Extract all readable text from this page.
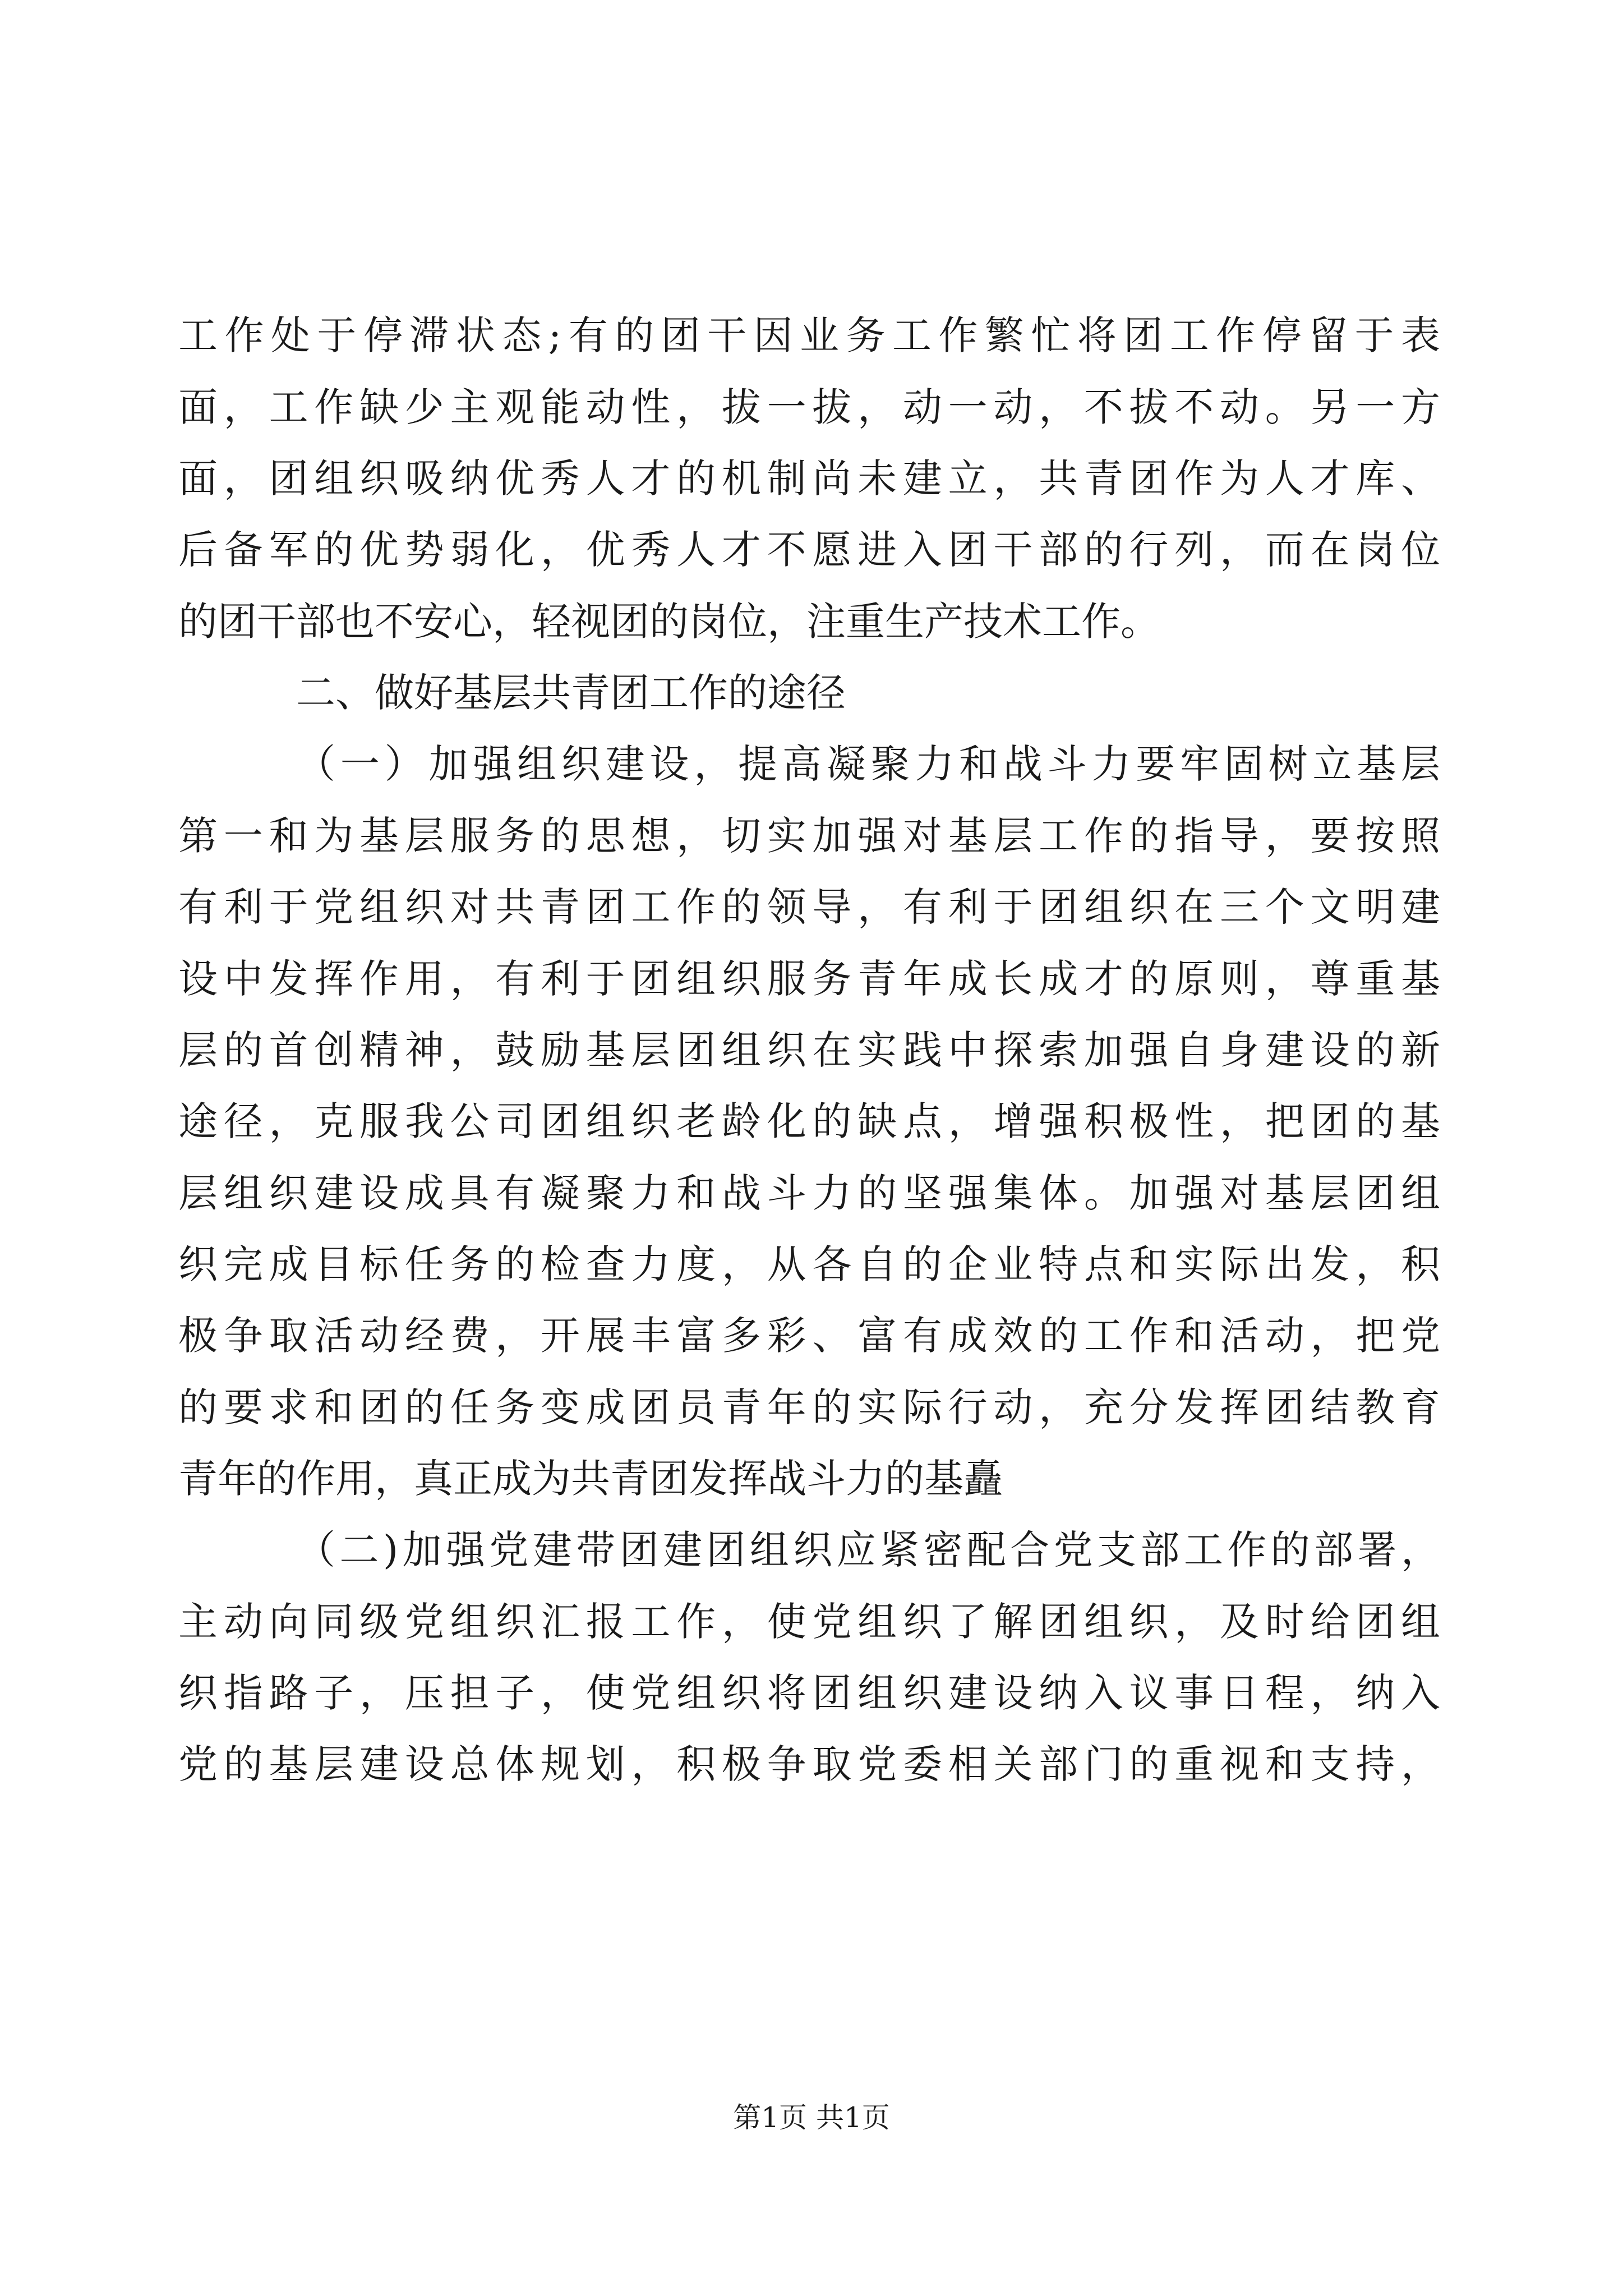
工作处于停滞状态;有的团干因业务工作繁忙将团工作停留于表
面，工作缺少主观能动性，拔一拔，动一动，不拔不动。另一方
面，团组织吸纳优秀人才的机制尚未建立，共青团作为人才库、
后备军的优势弱化，优秀人才不愿进入团干部的行列，而在岗位
的团干部也不安心，轻视团的岗位，注重生产技术工作。
二、做好基层共青团工作的途径
（一）加强组织建设，提高凝聚力和战斗力要牢固树立基层
第一和为基层服务的思想，切实加强对基层工作的指导，要按照
有利于党组织对共青团工作的领导，有利于团组织在三个文明建
设中发挥作用，有利于团组织服务青年成长成才的原则，尊重基
层的首创精神，鼓励基层团组织在实践中探索加强自身建设的新
途径，克服我公司团组织老龄化的缺点，增强积极性，把团的基
层组织建设成具有凝聚力和战斗力的坚强集体。加强对基层团组
织完成目标任务的检查力度，从各自的企业特点和实际出发，积
极争取活动经费，开展丰富多彩、富有成效的工作和活动，把党
的要求和团的任务变成团员青年的实际行动，充分发挥团结教育
青年的作用，真正成为共青团发挥战斗力的基矗
（二)加强党建带团建团组织应紧密配合党支部工作的部署，
主动向同级党组织汇报工作，使党组织了解团组织，及时给团组
织指路子，压担子，使党组织将团组织建设纳入议事日程，纳入
党的基层建设总体规划，积极争取党委相关部门的重视和支持，
第1页 共1页
